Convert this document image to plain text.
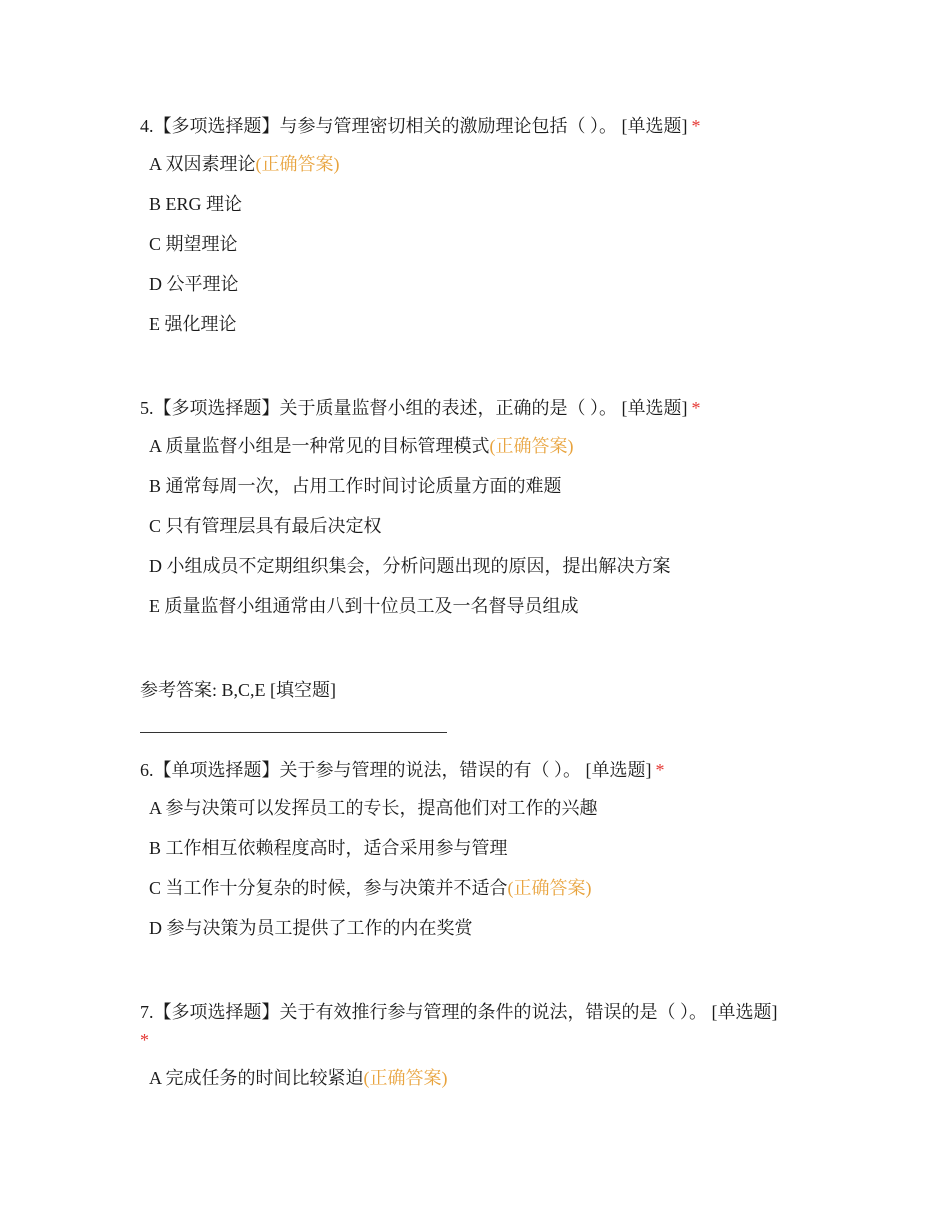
4.【多项选择题】与参与管理密切相关的激励理论包括（ ）。 [单选题] *

A 双因素理论(正确答案)
B ERG 理论
C 期望理论
D 公平理论
E 强化理论

5.【多项选择题】关于质量监督小组的表述，正确的是（ ）。 [单选题] *

A 质量监督小组是一种常见的目标管理模式(正确答案)
B 通常每周一次，占用工作时间讨论质量方面的难题
C 只有管理层具有最后决定权
D 小组成员不定期组织集会，分析问题出现的原因，提出解决方案
E 质量监督小组通常由八到十位员工及一名督导员组成
参考答案: B,C,E [填空题]

6.【单项选择题】关于参与管理的说法，错误的有（ ）。 [单选题] *

A 参与决策可以发挥员工的专长，提高他们对工作的兴趣
B 工作相互依赖程度高时，适合采用参与管理
C 当工作十分复杂的时候，参与决策并不适合(正确答案)
D 参与决策为员工提供了工作的内在奖赏

7.【多项选择题】关于有效推行参与管理的条件的说法，错误的是（ ）。 [单选题]
*

A 完成任务的时间比较紧迫(正确答案)
